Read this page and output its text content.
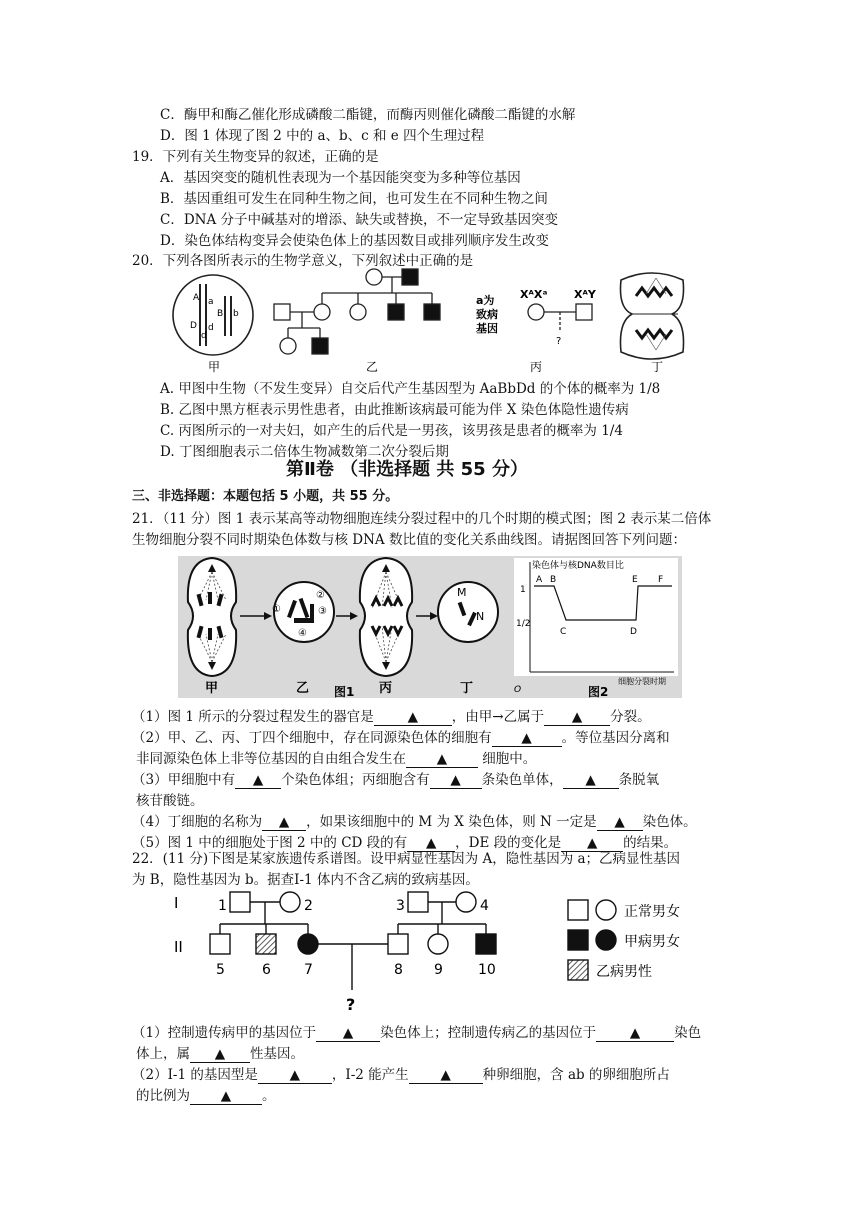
C．酶甲和酶乙催化形成磷酸二酯键，而酶丙则催化磷酸二酯键的水解
D．图 1 体现了图 2 中的 a、b、c 和 e 四个生理过程
19．下列有关生物变异的叙述，正确的是
A．基因突变的随机性表现为一个基因能突变为多种等位基因
B．基因重组可发生在同种生物之间，也可发生在不同种生物之间
C．DNA 分子中碱基对的增添、缺失或替换，不一定导致基因突变
D．染色体结构变异会使染色体上的基因数目或排列顺序发生改变
20．下列各图所表示的生物学意义，下列叙述中正确的是
A a
B b
D d
d
甲	乙
a为
致病
基因
XᴬXᵃ XᴬY
?
丙	丁
A. 甲图中生物（不发生变异）自交后代产生基因型为 AaBbDd 的个体的概率为 1/8
B. 乙图中黑方框表示男性患者，由此推断该病最可能为伴 X 染色体隐性遗传病
C. 丙图所示的一对夫妇，如产生的后代是一男孩，该男孩是患者的概率为 1/4
D. 丁图细胞表示二倍体生物减数第二次分裂后期
第Ⅱ卷 （非选择题 共 55 分）
三、非选择题：本题包括 5 小题，共 55 分。
21．（11 分）图 1 表示某高等动物细胞连续分裂过程中的几个时期的模式图；图 2 表示某二倍体
生物细胞分裂不同时期染色体数与核 DNA 数比值的变化关系曲线图。请据图回答下列问题：
甲
①
②
③
④
乙	丙
M
N
丁
图1
染色体与核DNA数目比
细胞分裂时期
O
1
1/2
A B
C	D
E F
图2
（1）图 1 所示的分裂过程发生的器官是	▲	，由甲→乙属于 ▲ 分裂。
（2）甲、乙、丙、丁四个细胞中，存在同源染色体的细胞有 ▲ 。等位基因分离和
非同源染色体上非等位基因的自由组合发生在 ▲ 细胞中。
（3）甲细胞中有 ▲ 个染色体组；丙细胞含有 ▲ 条染色单体， ▲ 条脱氧
核苷酸链。
（4）丁细胞的名称为 ▲ ，如果该细胞中的 M 为 X 染色体，则 N 一定是 ▲ 染色体。
（5）图 1 中的细胞处于图 2 中的 CD 段的有 ▲ ，DE 段的变化是 ▲ 的结果。
22．(11 分)下图是某家族遗传系谱图。设甲病显性基因为 A，隐性基因为 a；乙病显性基因
为 B，隐性基因为 b。据查Ⅰ-1 体内不含乙病的致病基因。
I
II
1	2	3	4
5	6 7	8 9	10
?
正常男女
甲病男女
乙病男性
（1）控制遗传病甲的基因位于 ▲ 染色体上；控制遗传病乙的基因位于	▲	染色
体上，属 ▲ 性基因。
（2）Ⅰ-1 的基因型是 ▲ ，Ⅰ-2 能产生 ▲ 种卵细胞，含 ab 的卵细胞所占
的比例为 ▲ 。
